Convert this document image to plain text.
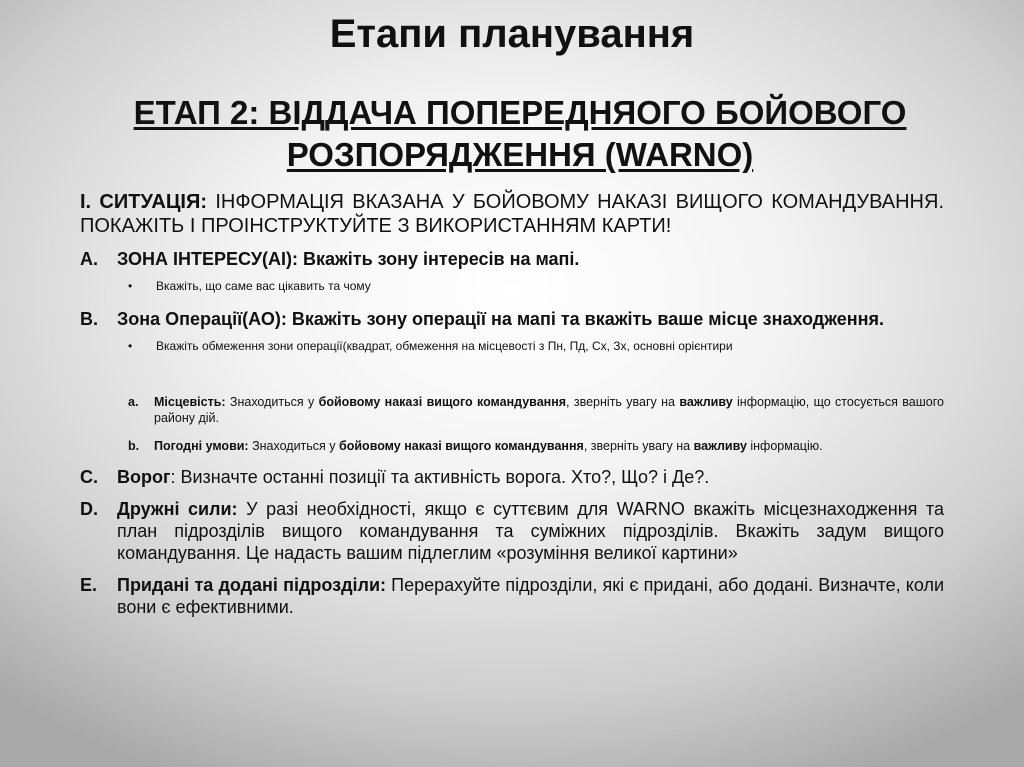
Етапи планування
ЕТАП 2: ВІДДАЧА ПОПЕРЕДНЯОГО БОЙОВОГО РОЗПОРЯДЖЕННЯ (WARNO)

І. СИТУАЦІЯ: ІНФОРМАЦІЯ ВКАЗАНА У БОЙОВОМУ НАКАЗІ ВИЩОГО КОМАНДУВАННЯ. ПОКАЖІТЬ І ПРОІНСТРУКТУЙТЕ З ВИКОРИСТАННЯМ КАРТИ!

A.	ЗОНА ІНТЕРЕСУ(АІ): Вкажіть зону інтересів на мапі.
•	Вкажіть, що саме вас цікавить та чому
B.	Зона Операції(АО): Вкажіть зону операції на мапі та вкажіть ваше місце знаходження.
•	Вкажіть обмеження зони операції(квадрат, обмеження на місцевості з Пн, Пд, Сх, Зх, основні орієнтири
a.	Місцевість: Знаходиться у бойовому наказі вищого командування, зверніть увагу на важливу інформацію, що стосується вашого району дій.
b.	Погодні умови: Знаходиться у бойовому наказі вищого командування, зверніть увагу на важливу інформацію.
C.	Ворог: Визначте останні позиції та активність ворога. Хто?, Що? і Де?.
D.	Дружні сили: У разі необхідності, якщо є суттєвим для WARNO вкажіть місцезнаходження та план підрозділів вищого командування та суміжних підрозділів. Вкажіть задум вищого командування. Це надасть вашим підлеглим «розуміння великої картини»
E.	Придані та додані підрозділи: Перерахуйте підрозділи, які є придані, або додані. Визначте, коли вони є ефективними.
